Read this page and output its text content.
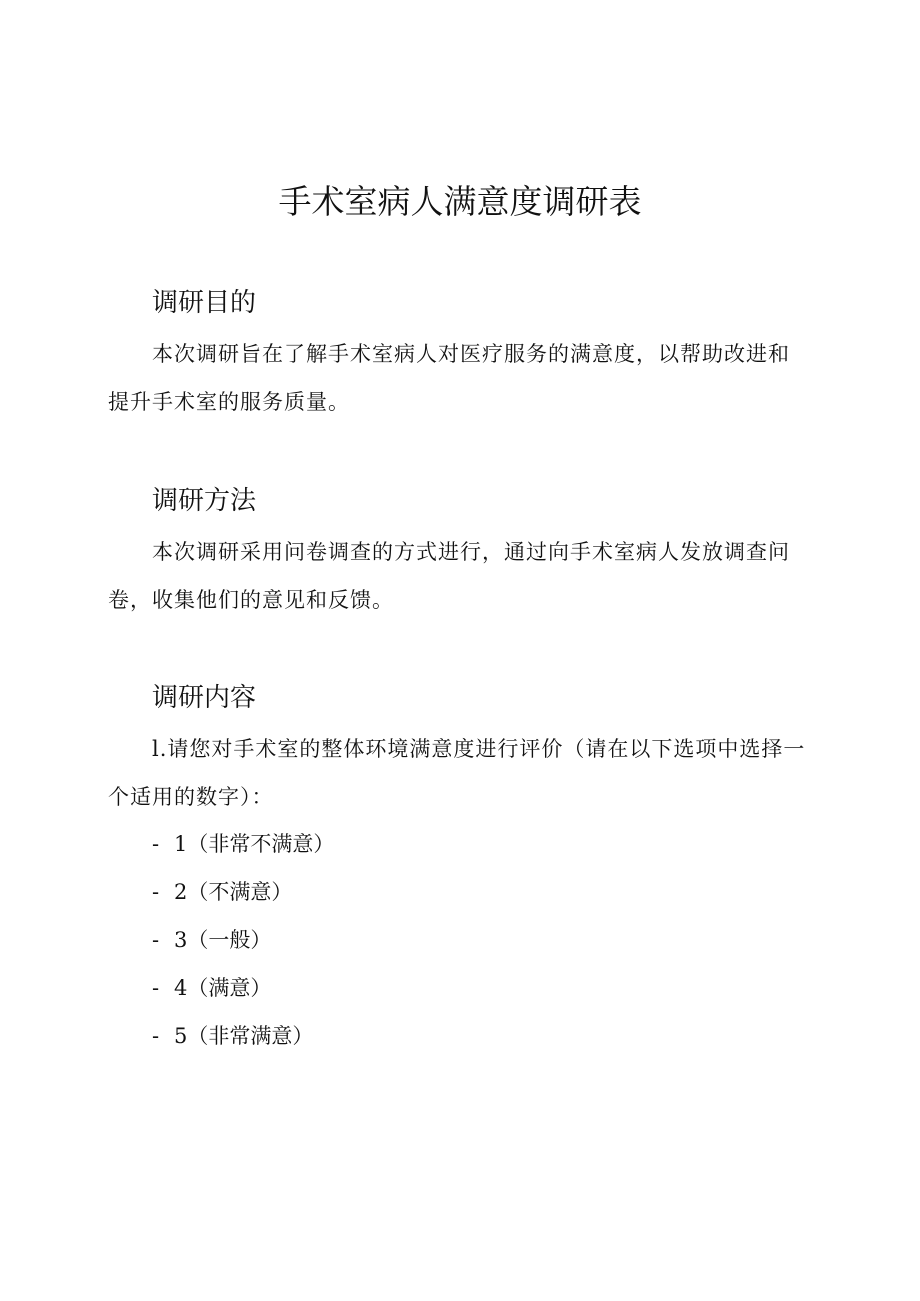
手术室病人满意度调研表
调研目的

本次调研旨在了解手术室病人对医疗服务的满意度，以帮助改进和提升手术室的服务质量。

调研方法

本次调研采用问卷调查的方式进行，通过向手术室病人发放调查问卷，收集他们的意见和反馈。

调研内容

l.请您对手术室的整体环境满意度进行评价（请在以下选项中选择一个适用的数字）：

- 1（非常不满意）
- 2（不满意）
- 3（一般）
- 4（满意）
- 5（非常满意）
